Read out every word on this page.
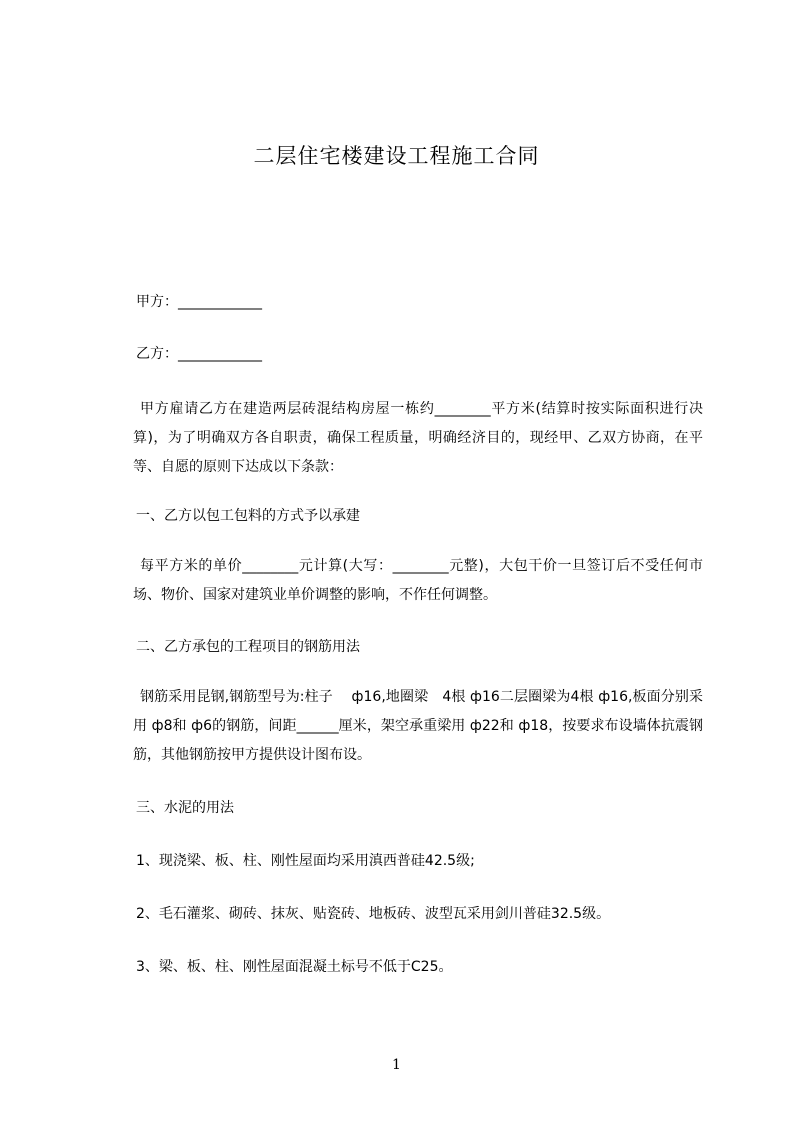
二层住宅楼建设工程施工合同
甲方：____________
乙方：____________
甲方雇请乙方在建造两层砖混结构房屋一栋约________平方米(结算时按实际面积进行决算)，为了明确双方各自职责，确保工程质量，明确经济目的，现经甲、乙双方协商，在平等、自愿的原则下达成以下条款：
一、乙方以包工包料的方式予以承建
每平方米的单价________元计算(大写：________元整)，大包干价一旦签订后不受任何市场、物价、国家对建筑业单价调整的影响，不作任何调整。
二、乙方承包的工程项目的钢筋用法
钢筋采用昆钢,钢筋型号为:柱子　 ф16,地圈梁　4根 ф16二层圈梁为4根 ф16,板面分别采用 ф8和 ф6的钢筋，间距______厘米，架空承重梁用 ф22和 ф18，按要求布设墙体抗震钢筋，其他钢筋按甲方提供设计图布设。
三、水泥的用法
1、现浇梁、板、柱、刚性屋面均采用滇西普硅42.5级;
2、毛石灌浆、砌砖、抹灰、贴瓷砖、地板砖、波型瓦采用剑川普硅32.5级。
3、梁、板、柱、刚性屋面混凝土标号不低于C25。
1
